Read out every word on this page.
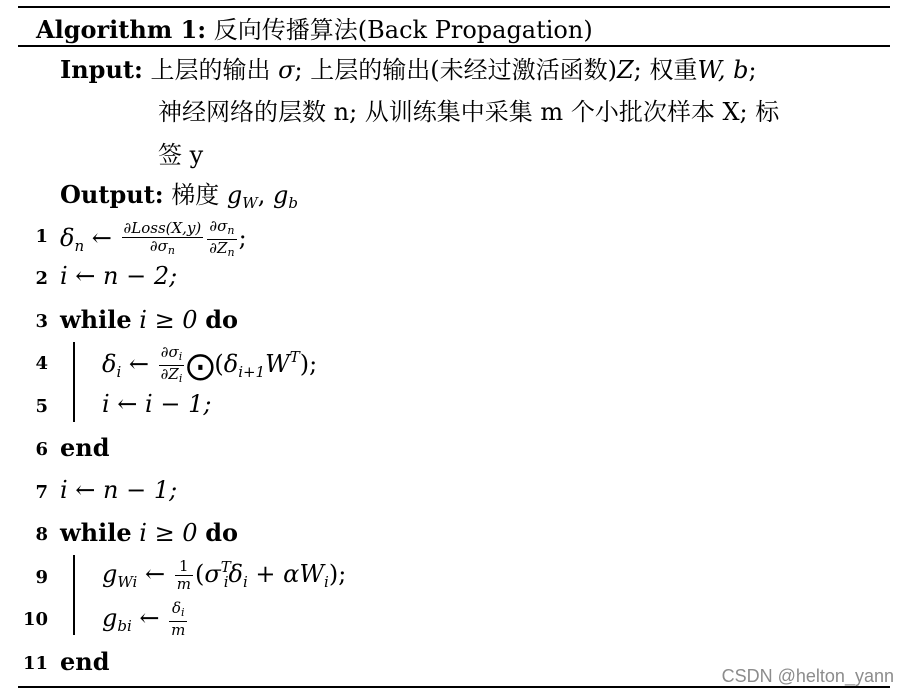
Algorithm 1: 反向传播算法(Back Propagation)
Input: 上层的输出 σ; 上层的输出(未经过激活函数)Z; 权重W, b;
神经网络的层数 n; 从训练集中采集 m 个小批次样本 X; 标
签 y
Output: 梯度 $g_W$, $g_b$
1 $\delta_n$ ← $\frac{\text{∂Loss(X,y)}}{\partial\sigma_n} \frac{\partial\sigma_n}{\partial Z_n}$ ;
2 i ← n − 2;
3 while i ≥ 0 do
4 $\delta_i$ ← $\frac{\partial\sigma_i}{\partial Z_i}$ $⨀(\delta_{i+1}W^T)$;
5 i ← i − 1;
6 end
7 i ← n − 1;
8 while i ≥ 0 do
9 $g_{Wi}$ ← $\frac{1}{m} (\sigma^T_i\delta_i + \alpha W_i)$;
10 $g_{bi}$ ← $\frac{\delta_i}{m}$
11 end	CSDN @helton_yann
